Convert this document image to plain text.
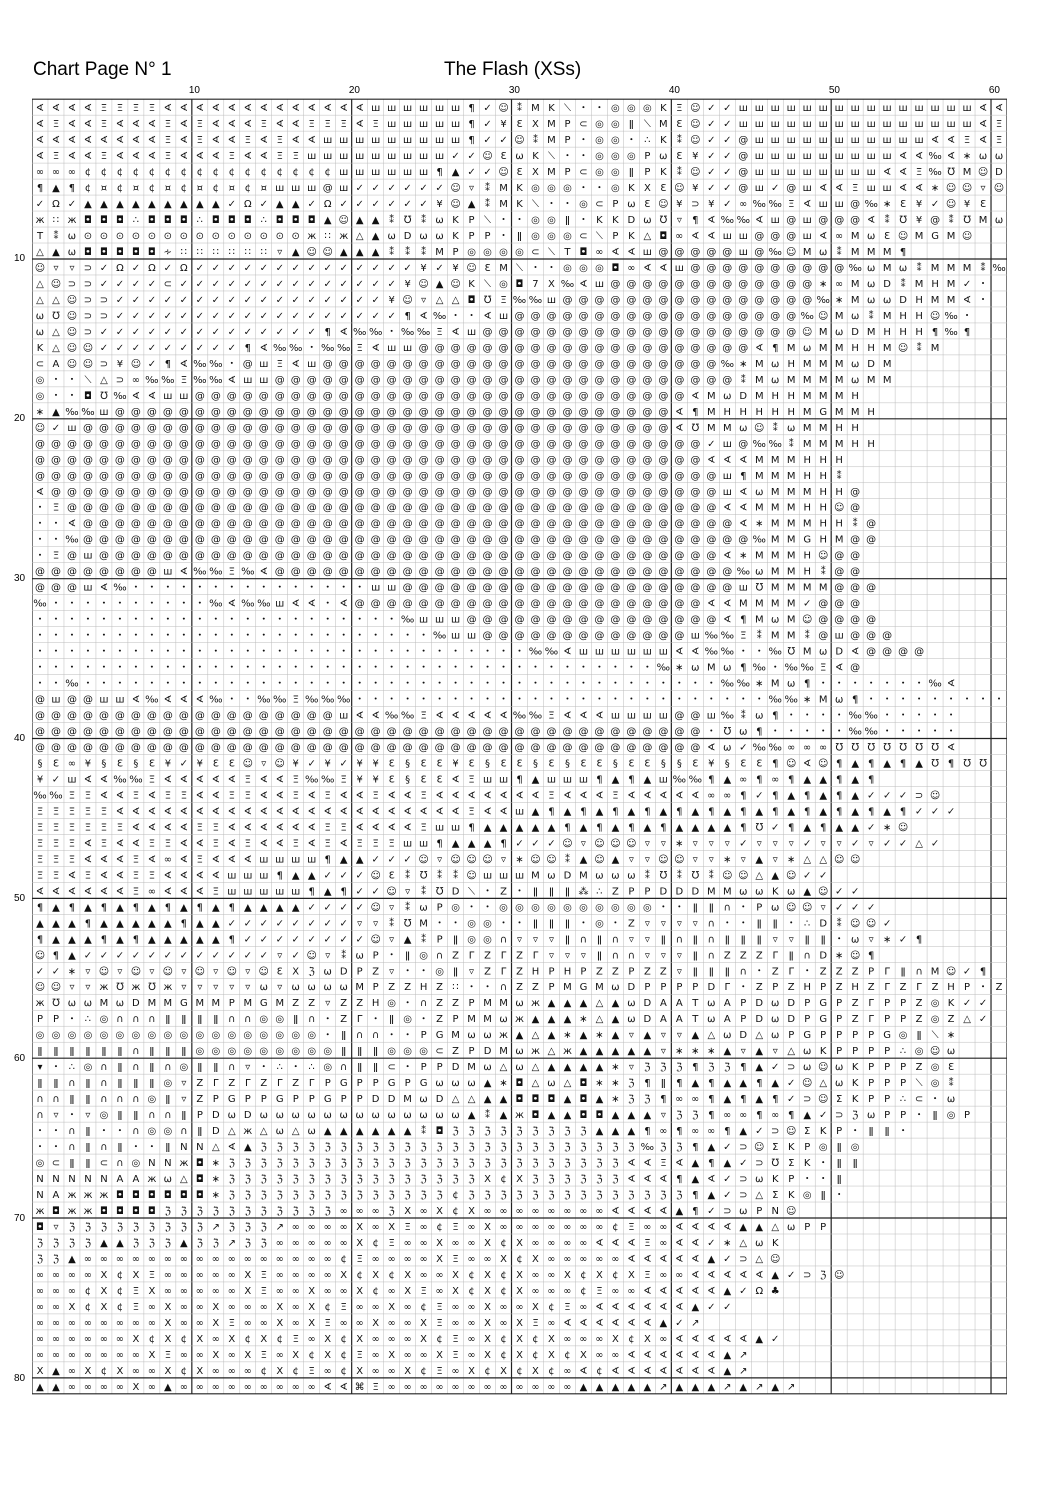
Chart Page N° 1	The Flash (XSs)
10	20	30	40	50	60
10
20
30
40
50
60
70
80
∢ ∢ ∢ ∢ Ξ Ξ Ξ Ξ ∢ ∢ ∢ ∢ ∢ ∢ ∢ ∢ ∢ ∢ ∢ ∢ ∢ ш ш ш ш ш ш ¶ ✓ ☺ ⁑ M K ⟍	◎ ◎ ◎ K Ξ ☺ ✓ ✓ ш ш ш ш ш ш ш ш ш ш ш ш ш ш ш ∢ ∢
∢ Ξ ∢ ∢ Ξ ∢ ∢ ∢ Ξ ∢ Ξ ∢ ∢ ∢ Ξ ∢ ∢ Ξ Ξ Ξ ∢ Ξ ш ш ш ш ш ¶ ✓ ¥ Ɛ X M P ⊂ ◎ ◎ ǁ ⟍ M Ɛ ☺ ✓ ✓ ш ш ш ш ш ш ш ш ш ш ш ш ш ш ш ∢ Ξ
∢ ∢ ∢ ∢ ∢ ∢ ∢ ∢ Ξ ∢ Ξ ∢ ∢ Ξ ∢ Ξ ∢ ∢ ш ш ш ш ш ш ш ш ш ¶ ✓ ✓ ☺ ⁑ M P ◎ ◎ ∴ K ⁑ ☺ ✓ ✓ @ ш ш ш ш ш ш ш ш ш ш ш ∢ ∢ Ξ ∢ Ξ
∢ Ξ ∢ ∢ Ξ ∢ ∢ ∢ Ξ ∢ ∢ ∢ Ξ ∢ ∢ Ξ Ξ ш ш ш ш ш ш ш ш ш ✓ ✓ ☺ Ɛ ⍵ K ⟍	◎ ◎ ◎ P ⍵ Ɛ ¥ ✓ ✓ @ ш ш ш ш ш ш ш ш ш ∢ ∢ ‰ ∢ ∗ ⍵ ⍵
∞ ∞ ∞ ¢ ¢ ¢ ¢ ¢ ¢ ¢ ¢ ¢ ¢ ¢ ¢ ¢ ¢ ¢ ¢ ш ш ш ш ш ш ¶ ▲ ✓ ✓ ☺ Ɛ X M P ⊂ ◎ ◎ ǁ P K ⁑ ☺ ✓ ✓ @ ш ш ш ш ш ш ш ш ∢ ∢ Ξ ‰ ℧ M ☺ D
¶ ▲ ¶ ¢ ¤ ¢ ¤ ¢ ¤ ¢ ¤ ¢ ¤ ¢ ¤ ш ш ш @ ш ✓ ✓ ✓ ✓ ✓ ✓ ☺ ▿ ⁑ M K ◎ ◎ ◎	◎ K X Ɛ ☺ ¥ ✓ ✓ @ ш ✓ @ ш ∢ ∢ Ξ ш ш ∢ ∢ ∗ ☺ ☺ ▿ ☺
✓ Ω ✓ ▲ ▲ ▲ ▲ ▲ ▲ ▲ ▲ ▲ ✓ Ω ✓ ▲ ▲ ✓ Ω ✓ ✓ ✓ ✓ ✓ ✓ ¥ ☺ ▲ ⁑ M K ⟍	◎ ⊂ P ⍵ Ɛ ☺ ¥ ⊃ ¥ ✓ ∞ ‰ ‰ Ξ ∢ ш ш @ ‰ ∗ Ɛ ¥ ✓ ☺ ¥ Ɛ
ж ∷ ж ◘ ◘ ◘ ∴ ◘ ◘ ◘ ∴ ◘ ◘ ◘ ∴ ◘ ◘ ◘ ▲ ☺ ▲ ▲ ⁑ ℧ ⁑ ⍵ K P ⟍	◎ ◎ ǁ	K K D ⍵ ℧ ▿ ¶ ∢ ‰ ‰ ∢ ш @ ш @ @ @ ∢ ⁑ ℧ ¥ @ ⁑ ℧ M ⍵
T ⁑ ⍵ ⊙ ⊙ ⊙ ⊙ ⊙ ⊙ ⊙ ⊙ ⊙ ⊙ ⊙ ⊙ ⊙ ⊙ ж ∷ ж △ ▲ ⍵ D ⍵ ⍵ K P P	ǁ ◎ ◎ ◎ ⊂ ⟍ P K △ ◘ ∞ ∢ ∢ ш ш @ @ @ ш ∢ ∞ M ⍵ Ɛ ☺ M G M ☺
△ ▲ ⍵ ◘ ◘ ◘ ◘ ◘ ∻ ∷ ∷ ∷ ∷ ∷ ∷ ▿ ▲ ☺ ☺ ▲ ▲ ▲ ⁑ ⁑ ⁑ M P ◎ ◎ ◎ ◎ ⊂ ⟍ T ◘ ∞ ∢ ∢ ш @ @ @ @ @ ш @ ‰ ☺ M ⍵ ⁑ M M M ¶
☺ ▿ ▿ ⊃ ✓ Ω ✓ Ω ✓ Ω ✓ ✓ ✓ ✓ ✓ ✓ ✓ ✓ ✓ ✓ ✓ ✓ ✓ ✓ ¥ ✓ ¥ ☺ Ɛ M ⟍	◎ ◎ ◎ ◘ ∞ ∢ ∢ ш @ @ @ @ @ @ @ @ @ @ ‰ ⍵ M ⍵ ⁑ M M M ⁑ ‰
△ ☺ ⊃ ⊃ ✓ ✓ ✓ ✓ ⊂ ✓ ✓ ✓ ✓ ✓ ✓ ✓ ✓ ✓ ✓ ✓ ✓ ✓ ✓ ¥ ☺ ▲ ☺ K ⟍ ◎ ◘ 7 X ‰ ∢ ш @ @ @ @ @ @ @ @ @ @ @ @ @ ∗ ∞ M ⍵ D ⁑ M H M ✓
△ △ ☺ ⊃ ⊃ ✓ ✓ ✓ ✓ ✓ ✓ ✓ ✓ ✓ ✓ ✓ ✓ ✓ ✓ ✓ ✓ ✓ ¥ ☺ ▿ △ △ ◘ ℧ Ξ ‰ ‰ ш @ @ @ @ @ @ @ @ @ @ @ @ @ @ @ @ ‰ ∗ M ⍵ ⍵ D H M M ∢
⍵ ℧ ☺ ⊃ ⊃ ✓ ✓ ✓ ✓ ✓ ✓ ✓ ✓ ✓ ✓ ✓ ✓ ✓ ✓ ✓ ✓ ✓ ✓ ¶ ∢ ‰	∢ ш @ @ @ @ @ @ @ @ @ @ @ @ @ @ @ @ @ @ ‰ ☺ M ⍵ ⁑ M H H ☺ ‰
⍵ △ ☺ ⊃ ✓ ✓ ✓ ✓ ✓ ✓ ✓ ✓ ✓ ✓ ✓ ✓ ✓ ✓ ¶ ∢ ‰ ‰ ‰ ‰ Ξ ∢ ш @ @ @ @ @ @ @ @ @ @ @ @ @ @ @ @ @ @ @ @ ☺ M ⍵ D M H H H ¶ ‰ ¶
K △ ☺ ☺ ✓ ✓ ✓ ✓ ✓ ✓ ✓ ✓ ✓ ¶ ∢ ‰ ‰ ‰ ‰ Ξ ∢ ш ш @ @ @ @ @ @ @ @ @ @ @ @ @ @ @ @ @ @ @ @ @ ∢ ¶ M ⍵ M M H H M ☺ ⁑ M
⊂ A ☺ ☺ ⊃ ¥ ☺ ✓ ¶ ∢ ‰ ‰ @ ш Ξ ∢ ш @ @ @ @ @ @ @ @ @ @ @ @ @ @ @ @ @ @ @ @ @ @ @ @ @ ‰ ∗ M ⍵ H M M M ⍵ D M
◎	⟍ △ ⊃ ∞ ‰ ‰ Ξ ‰ ‰ ∢ ш ш @ @ @ @ @ @ @ @ @ @ @ @ @ @ @ @ @ @ @ @ @ @ @ @ @ @ @ @ @ ⁑ M ⍵ M M M M ⍵ M M
◎	◘ ℧ ‰ ∢ ∢ ш ш @ @ @ @ @ @ @ @ @ @ @ @ @ @ @ @ @ @ @ @ @ @ @ @ @ @ @ @ @ @ @ ∢ M ⍵ D M H H M M M H
∗ ▲ ‰ ‰ ш @ @ @ @ @ @ @ @ @ @ @ @ @ @ @ @ @ @ @ @ @ @ @ @ @ @ @ @ @ @ @ @ @ @ @ ∢ ¶ M H H H H H M G M M H
☺ ✓ ш @ @ @ @ @ @ @ @ @ @ @ @ @ @ @ @ @ @ @ @ @ @ @ @ @ @ @ @ @ @ @ @ @ @ @ @ @ ∢ ℧ M M ⍵ ☺ ⁑ ⍵ M M H H
@ @ @ @ @ @ @ @ @ @ @ @ @ @ @ @ @ @ @ @ @ @ @ @ @ @ @ @ @ @ @ @ @ @ @ @ @ @ @ @ @ @ ✓ ш @ ‰ ‰ ⁑ M M M H H
@ @ @ @ @ @ @ @ @ @ @ @ @ @ @ @ @ @ @ @ @ @ @ @ @ @ @ @ @ @ @ @ @ @ @ @ @ @ @ @ @ @ ∢ ∢ ∢ M M M H H H
@ @ @ @ @ @ @ @ @ @ @ @ @ @ @ @ @ @ @ @ @ @ @ @ @ @ @ @ @ @ @ @ @ @ @ @ @ @ @ @ @ @ @ ш ¶ M M M H H ⁑
∢ @ @ @ @ @ @ @ @ @ @ @ @ @ @ @ @ @ @ @ @ @ @ @ @ @ @ @ @ @ @ @ @ @ @ @ @ @ @ @ @ @ @ ш ∢ ⍵ M M M H H @
Ξ @ @ @ @ @ @ @ @ @ @ @ @ @ @ @ @ @ @ @ @ @ @ @ @ @ @ @ @ @ @ @ @ @ @ @ @ @ @ @ @ @ ∢ ∢ M M M H H ☺ @
∢ @ @ @ @ @ @ @ @ @ @ @ @ @ @ @ @ @ @ @ @ @ @ @ @ @ @ @ @ @ @ @ @ @ @ @ @ @ @ @ @ @ ∢ ∗ M M M H H ⁑ @
‰ @ @ @ @ @ @ @ @ @ @ @ @ @ @ @ @ @ @ @ @ @ @ @ @ @ @ @ @ @ @ @ @ @ @ @ @ @ @ @ @ @ @ ‰ M M G H M @ @
Ξ @ ш @ @ @ @ @ @ @ @ @ @ @ @ @ @ @ @ @ @ @ @ @ @ @ @ @ @ @ @ @ @ @ @ @ @ @ @ @ @ @ ∢ ∗ M M M H ☺ @ @
@ @ @ @ @ @ @ @ ш ∢ ‰ ‰ Ξ ‰ ∢ @ @ @ @ @ @ @ @ @ @ @ @ @ @ @ @ @ @ @ @ @ @ @ @ @ @ @ @ @ ‰ ⍵ M M H ⁑ @ @
@ @ @ ш ∢ ‰	ш ш @ @ @ @ @ @ @ @ @ @ @ @ @ @ @ @ @ @ @ @ @ ш ℧ M M M M @ @ @
‰	‰ ∢ ‰ ‰ ш ∢ ∢ ∢ @ @ @ @ @ @ @ @ @ @ @ @ @ @ @ @ @ @ @ @ @ @ ∢ ∢ M M M M ✓ @ @ @
‰ ш ш ш @ @ @ @ @ @ @ @ @ @ @ @ @ @ @ @ ∢ ¶ M ⍵ M ☺ @ @ @ @
‰ ш ш @ @ @ @ @ @ @ @ @ @ @ @ @ ш ‰ ‰ Ξ ⁑ M M ⁑ @ ш @ @ @
‰ ‰ ∢ ш ш ш ш ш ш ∢ ∢ ‰ ‰	‰ ℧ M ⍵ D ∢ @ @ @ @
‰ ∗ ⍵ M ⍵ ¶ ‰ ‰ ‰ Ξ ∢ @
‰	‰ ‰ ∗ M ⍵ ¶	‰ ∢
@ ш @ @ ш ш ∢ ‰ ∢ ∢ ∢ ‰	‰ ‰ Ξ ‰ ‰ ‰	‰ ‰ ∗ M ⍵ ¶
@ @ @ @ @ @ @ @ @ @ @ @ @ @ @ @ @ @ @ ш ∢ ∢ ‰ ‰ Ξ ∢ ∢ ∢ ∢ ∢ ‰ ‰ Ξ ∢ ∢ ∢ ш ш ш ш @ @ ш ‰ ⁑ ⍵ ¶	‰ ‰
@ @ @ @ @ @ @ @ @ @ @ @ @ @ @ @ @ @ @ @ @ @ @ @ @ @ @ @ @ @ @ @ @ @ @ @ @ @ @ @ @ @ ℧ ⍵ ¶	‰ ‰
@ @ @ @ @ @ @ @ @ @ @ @ @ @ @ @ @ @ @ @ @ @ @ @ @ @ @ @ @ @ @ @ @ @ @ @ @ @ @ @ @ @ ∢ ⍵ ✓ ‰ ‰ ∞ ∞ ∞ ℧ ℧ ℧ ℧ ℧ ℧ ℧ ∢
§ Ɛ ∞ ¥ § Ɛ § Ɛ ¥ ✓ ¥ Ɛ Ɛ ☺ ▿ ☺ ¥ ✓ ¥ ✓ ¥ ¥ Ɛ § Ɛ Ɛ ¥ Ɛ § Ɛ Ɛ § Ɛ § Ɛ Ɛ § Ɛ Ɛ § § Ɛ ¥ § Ɛ Ɛ ¶ ☺ ∢ ☺ ¶ ▲ ¶ ▲ ¶ ▲ ℧ ¶ ℧ ℧
¥ ✓ ш ∢ ∢ ‰ ‰ Ξ ∢ ∢ ∢ ∢ ∢ Ξ ∢ ∢ Ξ ‰ ‰ Ξ ¥ ¥ Ɛ § Ɛ Ɛ ∢ Ξ ш ш ¶ ▲ ш ш ш ¶ ▲ ¶ ▲ ш ‰ ‰ ¶ ▲ ∞ ¶ ∞ ¶ ▲ ▲ ¶ ▲ ¶
‰ ‰ Ξ Ξ ∢ ∢ Ξ ∢ Ξ Ξ ∢ ∢ Ξ Ξ ∢ ∢ Ξ ∢ Ξ ∢ ∢ Ξ ∢ ∢ Ξ ∢ ∢ ∢ ∢ ∢ ∢ ∢ Ξ ∢ ∢ ∢ Ξ ∢ ∢ ∢ ∢ ∢ ∞ ∞ ¶ ✓ ¶ ▲ ¶ ▲ ¶ ▲ ✓ ✓ ✓ ⊃ ☺
Ξ Ξ Ξ Ξ Ξ ∢ ∢ ∢ ∢ ∢ ∢ ∢ ∢ ∢ ∢ ∢ ∢ ∢ ∢ ∢ ∢ ∢ ∢ ∢ ∢ ∢ ∢ Ξ ∢ ∢ ш ▲ ¶ ▲ ¶ ▲ ¶ ▲ ¶ ▲ ¶ ▲ ¶ ▲ ¶ ▲ ¶ ▲ ¶ ▲ ¶ ▲ ¶ ▲ ¶ ✓ ✓ ✓
Ξ Ξ Ξ Ξ Ξ Ξ ∢ ∢ ∢ ∢ Ξ Ξ ∢ ∢ ∢ ∢ ∢ ∢ Ξ Ξ ∢ ∢ ∢ ∢ Ξ ш ш ¶ ▲ ▲ ▲ ▲ ▲ ¶ ▲ ¶ ▲ ¶ ▲ ¶ ▲ ▲ ▲ ▲ ¶ ℧ ✓ ¶ ▲ ¶ ▲ ▲ ✓ ∗ ☺
Ξ Ξ Ξ ∢ Ξ ∢ ∢ Ξ Ξ ∢ ∢ Ξ ∢ Ξ ∢ ∢ Ξ ∢ Ξ ∢ Ξ Ξ Ξ ш ш ¶ ▲ ▲ ▲ ¶ ✓ ✓ ✓ ☺ ▿ ☺ ☺ ☺ ▿ ▿ ∗ ▿ ▿ ▿ ✓ ▿ ▿ ▿ ✓ ▿ ▿ ✓ ▿ ✓ ✓ △ ✓
Ξ Ξ Ξ ∢ ∢ ∢ Ξ ∢ ∞ ∢ Ξ ∢ ∢ ∢ ш ш ш ш ¶ ▲ ▲ ✓ ✓ ✓ ☺ ▿ ☺ ☺ ☺ ▿ ∗ ☺ ☺ ⁑ ▲ ☺ ▲ ▿ ▿ ☺ ☺ ▿ ▿ ∗ ▿ ▲ ▿ ∗ △ △ ☺ ☺
Ξ Ξ ∢ Ξ ∢ ∢ Ξ Ξ ∢ ∢ ∢ ∢ ш ш ш ¶ ▲ ▲ ✓ ✓ ✓ ☺ Ɛ ⁑ ℧ ⁑ ⁑ ☺ ш ш ш M ⍵ D M ⍵ ⍵ ⍵ ⁑ ℧ ⁑ ℧ ⁑ ☺ ☺ △ ▲ ☺ ✓ ✓
∢ ∢ ∢ ∢ ∢ ∢ Ξ ∞ ∢ ∢ ∢ Ξ ш ш ш ш ш ¶ ▲ ¶ ✓ ✓ ☺ ▿ ⁑ ℧ D ⟍	Z	ǁ ǁ ǁ ⁂ ∴ Z P P D D D M M ⍵ ⍵ K ⍵ ▲ ☺ ✓ ✓
¶ ▲ ¶ ▲ ¶ ▲ ¶ ▲ ¶ ▲ ¶ ▲ ¶ ▲ ▲ ▲ ▲ ✓ ✓ ✓ ✓ ☺ ▿ ⁑ ⍵ P ◎	◎ ◎ ◎ ◎ ◎ ◎ ◎ ◎ ◎ ◎	ǁ ǁ ∩	P ⍵ ☺ ☺ ▿ ✓ ✓ ✓
▲ ▲ ▲ ¶ ▲ ▲ ▲ ▲ ▲ ¶ ▲ ▲ ✓ ✓ ✓ ✓ ✓ ✓ ✓ ✓ ▿ ▿ ⁑ ℧ M	◎ ◎	ǁ ǁ ǁ	◎ Z ▿ ▿ ▿ ▿ ∩	ǁ ǁ	∴ D ⁑ ☺ ☺ ✓
¶ ▲ ▲ ▲ ¶ ▲ ¶ ▲ ▲ ▲ ▲ ▲ ¶ ✓ ✓ ✓ ✓ ✓ ✓ ✓ ✓ ☺ ▿ ▲ ⁑ P ǁ ◎ ◎ ∩ ▿ ▿ ▿ ǁ ∩ ǁ ∩ ▿ ▿ ǁ ∩ ǁ ∩ ǁ ǁ ǁ ▿ ▿ ǁ ǁ	⍵ ▿ ∗ ✓ ¶
☺ ¶ ▲ ✓ ✓ ✓ ✓ ✓ ✓ ✓ ✓ ✓ ✓ ✓ ✓ ▿ ✓ ☺ ▿ ⁑ ⍵ P	ǁ ◎ ∩ Z Γ Z Γ Z Γ ▿ ▿ ▿ ǁ ∩ ∩ ▿ ▿ ▿ ǁ ∩ Z Z Z Γ ǁ ∩ D ∗ ☺ ¶
✓ ✓ ∗ ▿ ☺ ▿ ☺ ▿ ☺ ▿ ☺ ▿ ☺ ▿ ☺ Ɛ X ℨ ⍵ D P Z ▿	◎ ǁ ▿ Z Γ Z H P H P Z Z P Z Z ▿ ǁ ǁ ǁ ∩ Z Γ	Z Z Z P Γ ǁ ∩ M ☺ ✓ ¶
☺ ☺ ▿ ▿ ж ℧ ж ℧ ж ▿ ▿ ▿ ▿ ▿ ⍵ ▿ ⍵ ⍵ ⍵ ⍵ M P Z Z H Z ∷	∩ Z Z P M G M ⍵ D P P P P D Γ	Z P Z H P Z H Z Γ Z Γ Z H P	Z
ж ℧ ⍵ ⍵ M ⍵ D M M G M M P M G M Z Z ▿ Z Z H ◎ ∩ Z Z P M M ⍵ ж ▲ ▲ ▲ △ ▲ ⍵ D A A T ⍵ A P D ⍵ D P G P Z Γ P P Z ◎ K ✓ ✓
P P	∴ ◎ ∩ ∩ ∩ ǁ ǁ ǁ ǁ ∩ ∩ ◎ ◎ ǁ ∩ Z Γ	ǁ ◎ Z P M M ⍵ ж ▲ ▲ ▲ ∗ △ ▲ ⍵ D A A T ⍵ A P D ⍵ D P G P Z Γ P P Z ◎ Z △ ✓
◎ ◎ ◎ ◎ ◎ ◎ ◎ ◎ ◎ ◎ ◎ ◎ ◎ ◎ ◎ ◎ ◎ ◎	ǁ ∩ ∩	P G M ⍵ ⍵ ж ▲ △ ▲ ∗ ▲ ∗ ▲ ▿ ▲ ▿ ▿ ▲ △ ⍵ D △ ⍵ P G P P P P G ◎ ǁ ⟍ ∗
ǁ ǁ ǁ ǁ ǁ ǁ ∩ ǁ ǁ ǁ ◎ ◎ ◎ ◎ ◎ ◎ ◎ ◎ ◎ ǁ ǁ ǁ ◎ ◎ ◎ ⊂ Z P D M ⍵ ж △ ж ▲ ▲ ▲ ▲ ▲ ▿ ∗ ∗ ∗ ▲ ▿ ▲ ▿ △ ⍵ K P P P P ∴ ◎ ☺ ⍵
▾	∴ ◎ ∩ ǁ ∩ ǁ ∩ ◎ ǁ ǁ ∩ ▿	∴	∴ ◎ ∩ ǁ ǁ ⊂ P P D M ⍵ △ ⍵ △ ▲ ▲ ▲ ▲ ∗ ▿ ℨ ℨ ℨ ¶ ℨ ℨ ¶ ▲ ✓ ⊃ ⍵ ☺ ⍵ K P P P Z ◎ Ɛ
ǁ ǁ ∩ ǁ ∩ ǁ ǁ ǁ ◎ ▿ Z Γ Z Γ Z Γ Z Γ P G P P G P G ⍵ ⍵ ⍵ ▲ ∗ ◘ △ ⍵ △ ◘ ∗ ∗ ℨ ¶ ǁ ¶ ▲ ¶ ▲ ▲ ¶ ▲ ✓ ☺ △ ⍵ K P P P ⟍ ◎ ⁑
∩ ∩ ǁ ǁ ∩ ∩ ∩ ◎ ǁ ▿ Z P G P P G P P G P P D D M ⍵ D △ △ ▲ ▲ ◘ ◘ ◘ ▲ ◘ ▲ ∗ ℨ ℨ ¶ ∞ ∞ ¶ ▲ ¶ ▲ ¶ ✓ ⊃ ☺ Σ K P P ∴ ⊂ ⍵
∩ ▿	▿ ◎ ǁ ǁ ∩ ∩ ǁ P D ⍵ D ⍵ ⍵ ⍵ ⍵ ⍵ ⍵ ⍵ ⍵ ⍵ ⍵ ⍵ ⍵ ⍵ ▲ ⁑ ▲ ж ◘ ▲ ▲ ◘ ◘ ▲ ▲ ▲ ▿ ℨ ℨ ¶ ∞ ∞ ¶ ∞ ¶ ▲ ✓ ⊃ ℨ ⍵ P P	ǁ ◎ P
∩ ǁ	∩ ◎ ◎ ∩ ǁ D △ ж △ ⍵ △ ⍵ ▲ ▲ ▲ ▲ ▲ ▲ ⁑ ◘ ℨ ℨ ℨ ℨ ℨ ℨ ℨ ℨ ℨ ▲ ▲ ▲ ¶ ∞ ¶ ∞ ∞ ¶ ▲ ✓ ⊃ ☺ Σ K P	ǁ ǁ
∩ ǁ ∩ ǁ	ǁ N N △ ∢ ▲ ℨ ℨ ℨ ℨ ℨ ℨ ℨ ℨ ℨ ℨ ℨ ℨ ℨ ℨ ℨ ℨ ℨ ℨ ℨ ℨ ℨ ℨ ℨ ℨ ‰ ℨ ℨ ¶ ▲ ✓ ⊃ ☺ Σ K P ◎ ǁ ◎
◎ ⊂ ǁ ǁ ⊂ ∩ ◎ N N ж ◘ ∗ ℨ ℨ ℨ ℨ ℨ ℨ ℨ ℨ ℨ ℨ ℨ ℨ ℨ ℨ ℨ ℨ ℨ ℨ ℨ ℨ ℨ ℨ ℨ ℨ ℨ ∢ ∢ Ξ ∢ ▲ ¶ ▲ ✓ ⊃ ℧ Σ K	ǁ ǁ
N N N N N A A ж ⍵ △ ◘ ∗ ℨ ℨ ℨ ℨ ℨ ℨ ℨ ℨ ℨ ℨ ℨ ℨ ℨ ℨ ℨ ℨ X ¢ X ℨ ℨ ℨ ℨ ℨ ℨ ∢ ∢ ∢ ¶ ▲ ∢ ✓ ⊃ ⍵ K P	ǁ
N A ж ж ж ◘ ◘ ◘ ◘ ◘ ◘ ∗ ℨ ℨ ℨ ℨ ℨ ℨ ℨ ℨ ℨ ℨ ℨ ℨ ℨ ℨ ¢ ℨ ℨ ℨ ℨ ℨ ℨ ℨ ℨ ℨ ℨ ℨ ℨ ℨ ℨ ¶ ▲ ✓ ⊃ △ Σ K ◎ ǁ
ж ◘ ж ж ◘ ◘ ◘ ◘ ℨ ℨ ℨ ℨ ℨ ℨ ℨ ℨ ℨ ℨ ℨ ∞ ∞ ∞ ℨ X ∞ X ¢ X ∞ ∞ ∞ ∞ ∞ ∞ ∞ ∞ ∢ ∢ ∢ ∢ ▲ ¶ ✓ ⊃ ⍵ P N ☺
◘ ▿ ℨ ℨ ℨ ℨ ℨ ℨ ℨ ℨ ℨ ↗ ℨ ℨ ℨ ↗ ∞ ∞ ∞ ∞ X ∞ X Ξ ∞ ¢ Ξ ∞ X ∞ ∞ ∞ ∞ ∞ ∞ ∞ ¢ Ξ ∞ ∞ ∢ ∢ ∢ ∢ ▲ ▲ △ ⍵ P P
ℨ ℨ ℨ ℨ ▲ ▲ ℨ ℨ ℨ ▲ ℨ ℨ ↗ ℨ ℨ ∞ ∞ ∞ ∞ ∞ X ¢ Ξ ∞ ∞ X ∞ ∞ X ¢ X ∞ ∞ ∞ ∞ ∢ ∢ ∢ Ξ ∞ ∢ ∢ ✓ ∗ △ ⍵ K
ℨ ℨ ▲ ∞ ∞ ∞ ∞ ∞ ∞ ∞ ∞ ∞ ∞ ∞ ∞ ∞ ∞ ∞ ∞ ¢ Ξ ∞ ∞ ∞ ∞ X Ξ ∞ ∞ X ¢ X ∞ ∞ ∞ ∞ ∞ ∢ ∢ ∢ ∢ ∢ ▲ ✓ ⊃ △ ☺
∞ ∞ ∞ ∞ X ¢ X Ξ ∞ ∞ ∞ ∞ ∞ X Ξ ∞ ∞ ∞ ∞ X ¢ X ¢ X ∞ ∞ X ¢ X ¢ X ∞ ∞ X ¢ X ¢ X Ξ ∞ ∞ ∢ ∢ ∢ ∢ ∢ ▲ ✓ ⊃ ℨ ☺
∞ ∞ ∞ ¢ X ¢ Ξ X ∞ ∞ ∞ ∞ ∞ X Ξ ∞ ∞ X ∞ ∞ X ¢ ∞ X Ξ ∞ X ¢ X ¢ X ∞ ∞ ∞ ¢ Ξ ∞ ∞ ∢ ∢ ∢ ∢ ∢ ▲ ✓ Ω ♣
∞ ∞ X ¢ X ¢ Ξ ∞ X ∞ ∞ X ∞ ∞ ∞ X ∞ X ¢ Ξ ∞ ∞ X ∞ ¢ Ξ ∞ ∞ X ∞ ∞ X ¢ Ξ ∞ ∢ ∢ ∢ ∢ ∢ ∢ ▲ ✓ ✓
∞ ∞ ∞ ∞ ∞ ∞ ∞ ∞ X ∞ ∞ X Ξ ∞ ∞ X ∞ X Ξ ∞ ∞ X ∞ ∞ X Ξ ∞ ∞ X ∞ X Ξ ∞ ∢ ∢ ∢ ∢ ∢ ∢ ▲ ✓ ↗
∞ ∞ ∞ ∞ ∞ ∞ X ¢ X ¢ X ∞ X ¢ X ¢ Ξ ∞ X ¢ X ∞ ∞ ∞ X ¢ Ξ ∞ X ¢ X ¢ X ∞ ∞ ∞ X ¢ X ∞ ∢ ∢ ∢ ∢ ∢ ▲ ✓
∞ ∞ ∞ ∞ ∞ ∞ ∞ X Ξ ∞ ∞ X ∞ X Ξ ∞ X ¢ X ¢ Ξ ∞ X ∞ ∞ X Ξ ∞ X ¢ X ¢ X ¢ X ∞ ∞ ∢ ∢ ∢ ∢ ∢ ∢ ▲ ↗
X ▲ ∞ X ¢ X ∞ ∞ X ¢ X ∞ ∞ ∞ ¢ X ¢ Ξ ∞ ¢ X ∞ ∞ X ¢ Ξ ∞ X ¢ X ¢ X ¢ ∞ ∢ ¢ ∢ ∢ ∢ ∢ ∢ ∢ ∢ ▲ ↗
▲ ▲ ∞ ∞ ∞ ∞ X ∞ ▲ ∞ ∞ ∞ ∞ ∞ ∞ ∞ ∞ ∞ ∢ ∢ ⌘ Ξ ∞ ∞ ∞ ∞ ∞ ∞ ∞ ∞ ∞ ∞ ∞ ∞ ▲ ▲ ▲ ▲ ▲ ↗ ▲ ▲ ▲ ↗ ▲ ↗ ▲ ↗
